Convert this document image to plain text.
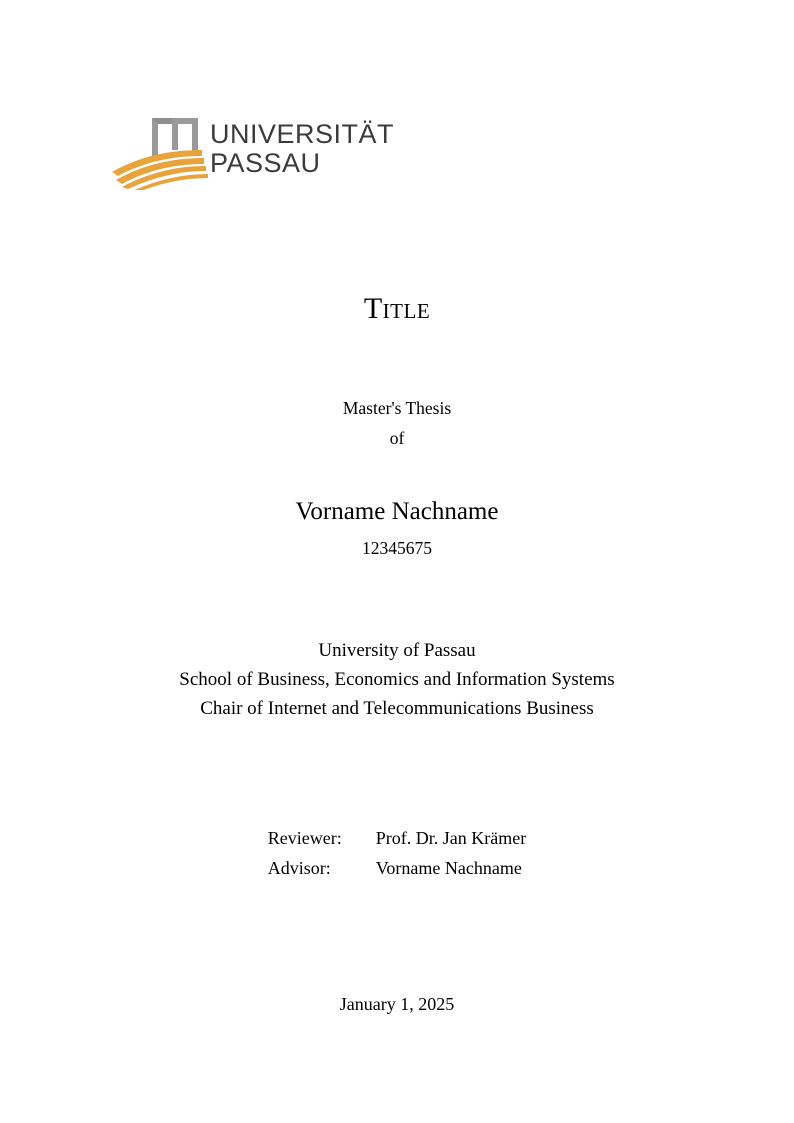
UNIVERSITÄT
PASSAU
Title
Master's Thesis
of
Vorname Nachname
12345675
University of Passau
School of Business, Economics and Information Systems
Chair of Internet and Telecommunications Business
Reviewer:	Prof. Dr. Jan Krämer
Advisor:	Vorname Nachname
January 1, 2025
